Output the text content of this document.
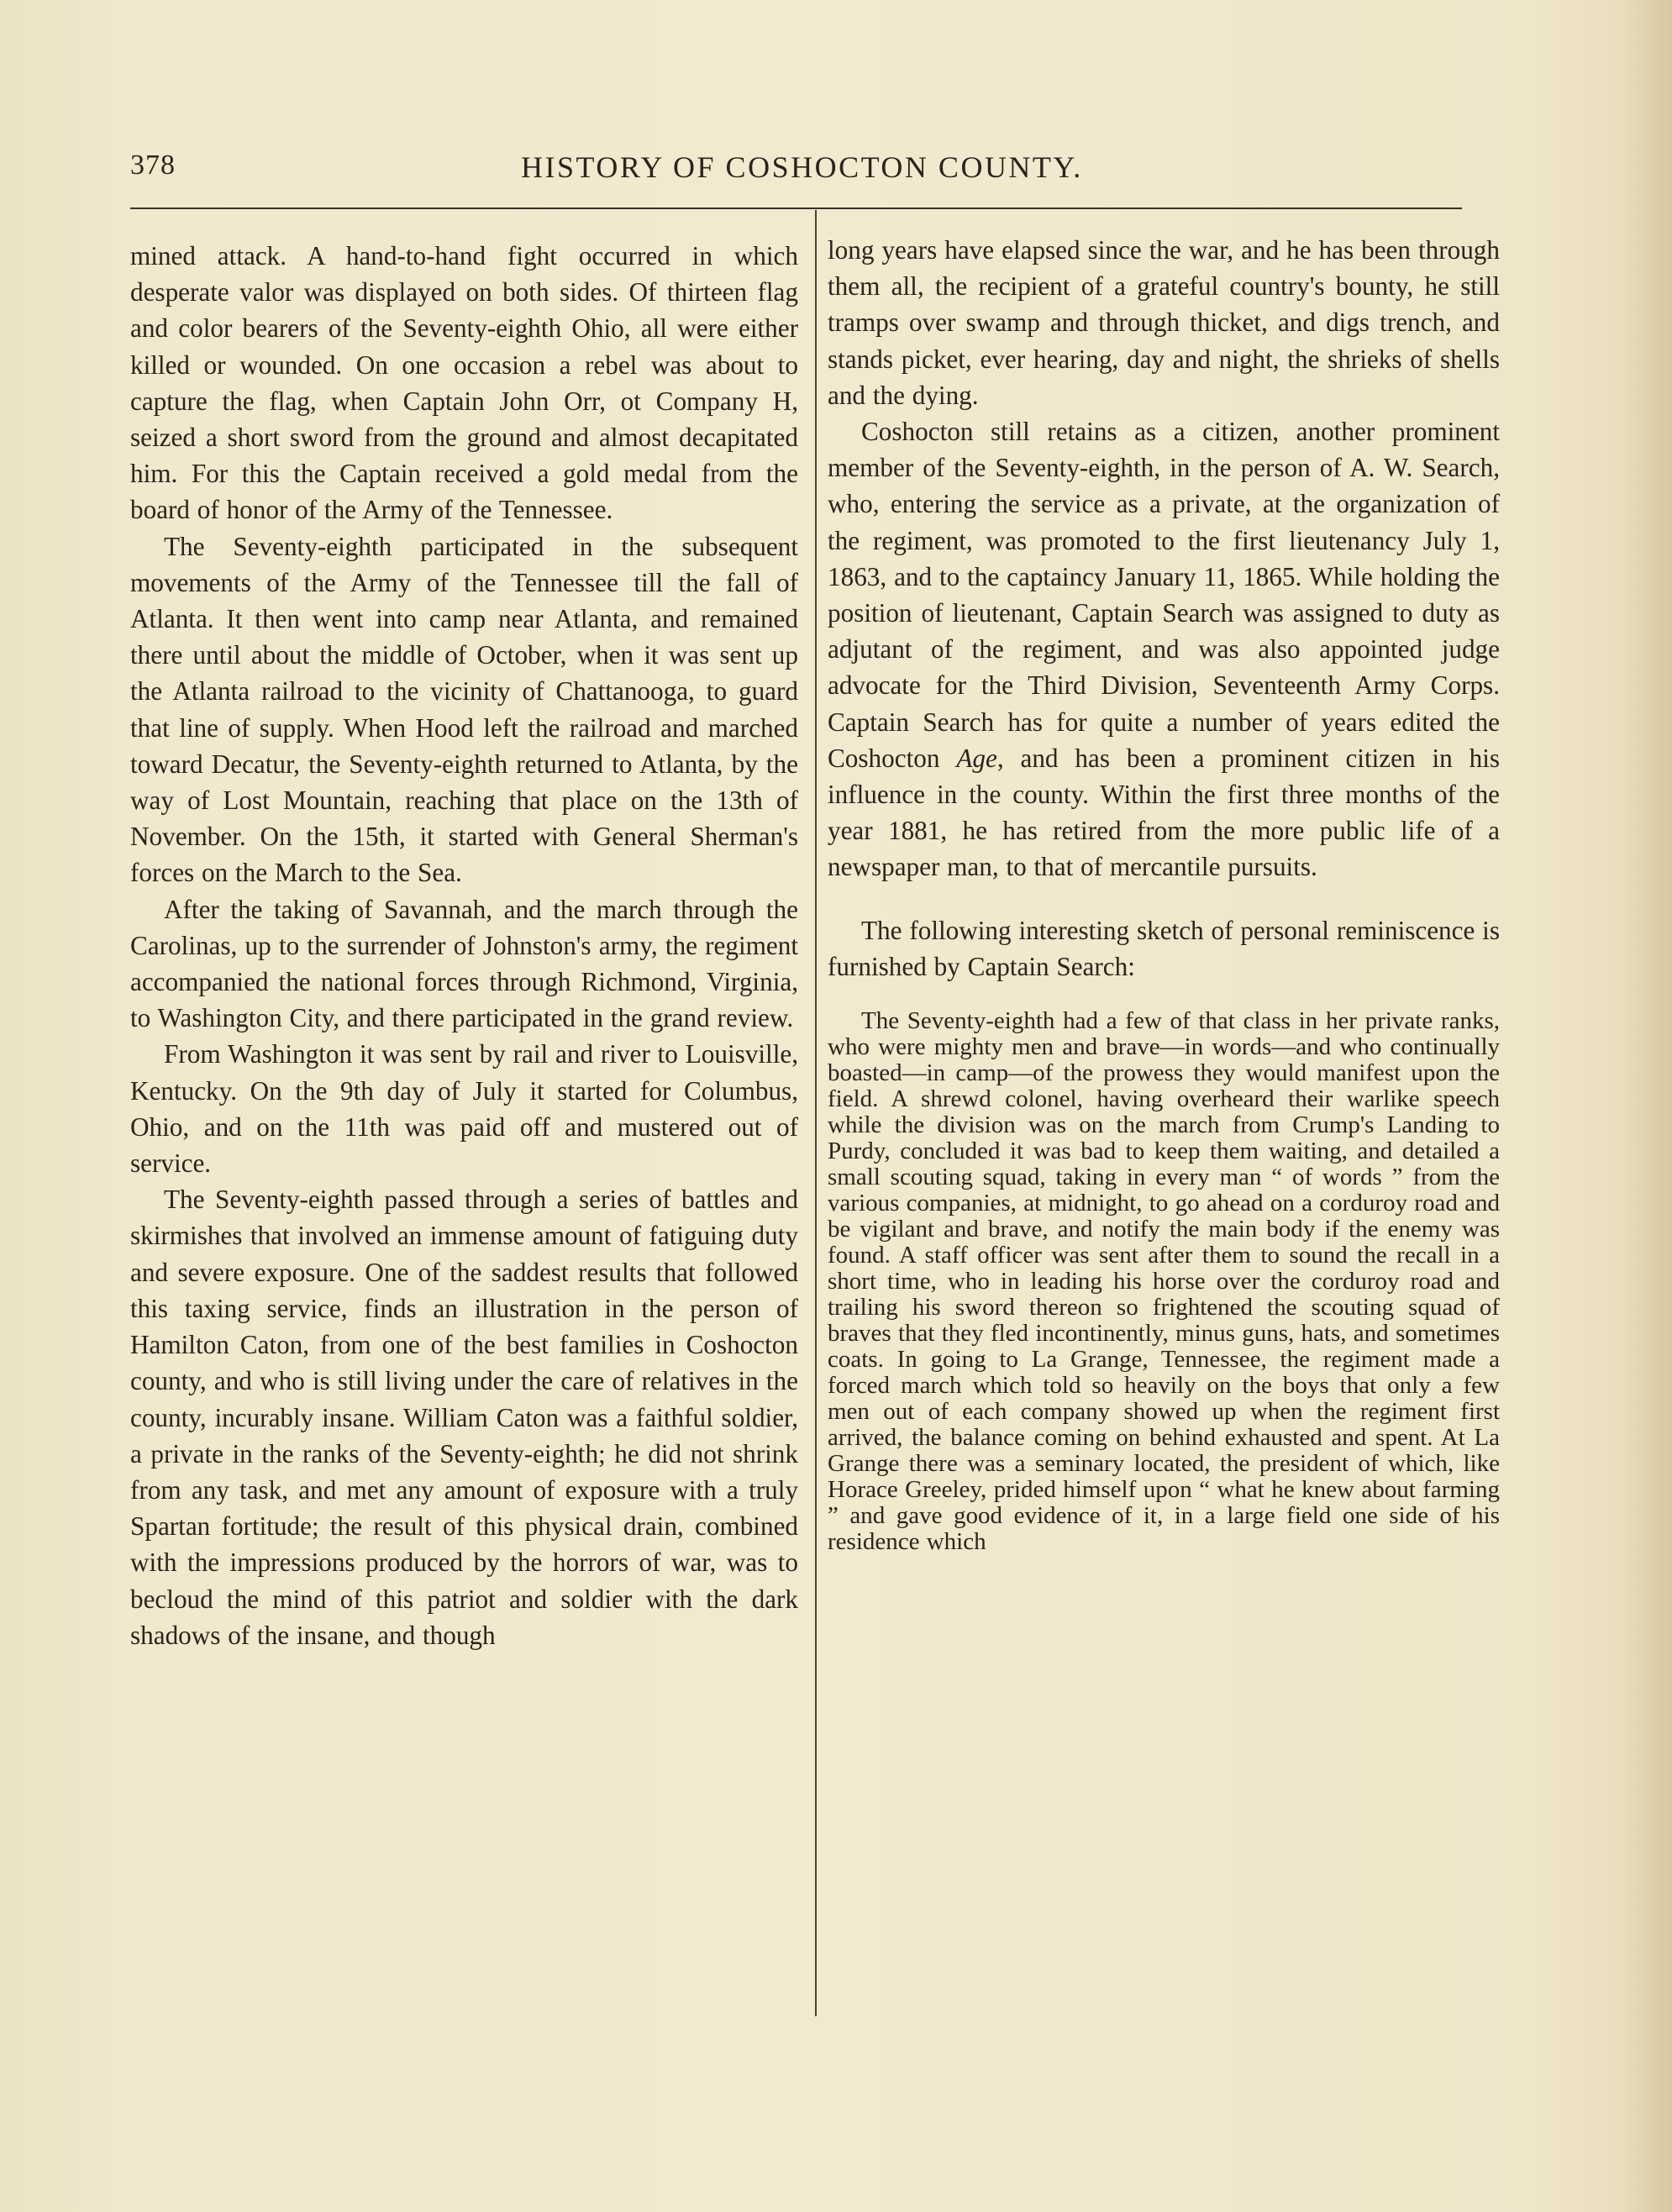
378	HISTORY OF COSHOCTON COUNTY.

mined attack. A hand-to-hand fight occurred in which desperate valor was displayed on both sides. Of thirteen flag and color bearers of the Seventy-eighth Ohio, all were either killed or wounded. On one occasion a rebel was about to capture the flag, when Captain John Orr, ot Company H, seized a short sword from the ground and almost decapitated him. For this the Captain received a gold medal from the board of honor of the Army of the Tennessee.

The Seventy-eighth participated in the subsequent movements of the Army of the Tennessee till the fall of Atlanta. It then went into camp near Atlanta, and remained there until about the middle of October, when it was sent up the Atlanta railroad to the vicinity of Chattanooga, to guard that line of supply. When Hood left the railroad and marched toward Decatur, the Seventy-eighth returned to Atlanta, by the way of Lost Mountain, reaching that place on the 13th of November. On the 15th, it started with General Sherman's forces on the March to the Sea.

After the taking of Savannah, and the march through the Carolinas, up to the surrender of Johnston's army, the regiment accompanied the national forces through Richmond, Virginia, to Washington City, and there participated in the grand review.

From Washington it was sent by rail and river to Louisville, Kentucky. On the 9th day of July it started for Columbus, Ohio, and on the 11th was paid off and mustered out of service.

The Seventy-eighth passed through a series of battles and skirmishes that involved an immense amount of fatiguing duty and severe exposure. One of the saddest results that followed this taxing service, finds an illustration in the person of Hamilton Caton, from one of the best families in Coshocton county, and who is still living under the care of relatives in the county, incurably insane. William Caton was a faithful soldier, a private in the ranks of the Seventy-eighth; he did not shrink from any task, and met any amount of exposure with a truly Spartan fortitude; the result of this physical drain, combined with the impressions produced by the horrors of war, was to becloud the mind of this patriot and soldier with the dark shadows of the insane, and though

long years have elapsed since the war, and he has been through them all, the recipient of a grateful country's bounty, he still tramps over swamp and through thicket, and digs trench, and stands picket, ever hearing, day and night, the shrieks of shells and the dying.

Coshocton still retains as a citizen, another prominent member of the Seventy-eighth, in the person of A. W. Search, who, entering the service as a private, at the organization of the regiment, was promoted to the first lieutenancy July 1, 1863, and to the captaincy January 11, 1865. While holding the position of lieutenant, Captain Search was assigned to duty as adjutant of the regiment, and was also appointed judge advocate for the Third Division, Seventeenth Army Corps. Captain Search has for quite a number of years edited the Coshocton Age, and has been a prominent citizen in his influence in the county. Within the first three months of the year 1881, he has retired from the more public life of a newspaper man, to that of mercantile pursuits.

The following interesting sketch of personal reminiscence is furnished by Captain Search:

The Seventy-eighth had a few of that class in her private ranks, who were mighty men and brave—in words—and who continually boasted—in camp—of the prowess they would manifest upon the field. A shrewd colonel, having overheard their warlike speech while the division was on the march from Crump's Landing to Purdy, concluded it was bad to keep them waiting, and detailed a small scouting squad, taking in every man “ of words ” from the various companies, at midnight, to go ahead on a corduroy road and be vigilant and brave, and notify the main body if the enemy was found. A staff officer was sent after them to sound the recall in a short time, who in leading his horse over the corduroy road and trailing his sword thereon so frightened the scouting squad of braves that they fled incontinently, minus guns, hats, and sometimes coats. In going to La Grange, Tennessee, the regiment made a forced march which told so heavily on the boys that only a few men out of each company showed up when the regiment first arrived, the balance coming on behind exhausted and spent. At La Grange there was a seminary located, the president of which, like Horace Greeley, prided himself upon “ what he knew about farming ” and gave good evidence of it, in a large field one side of his residence which
